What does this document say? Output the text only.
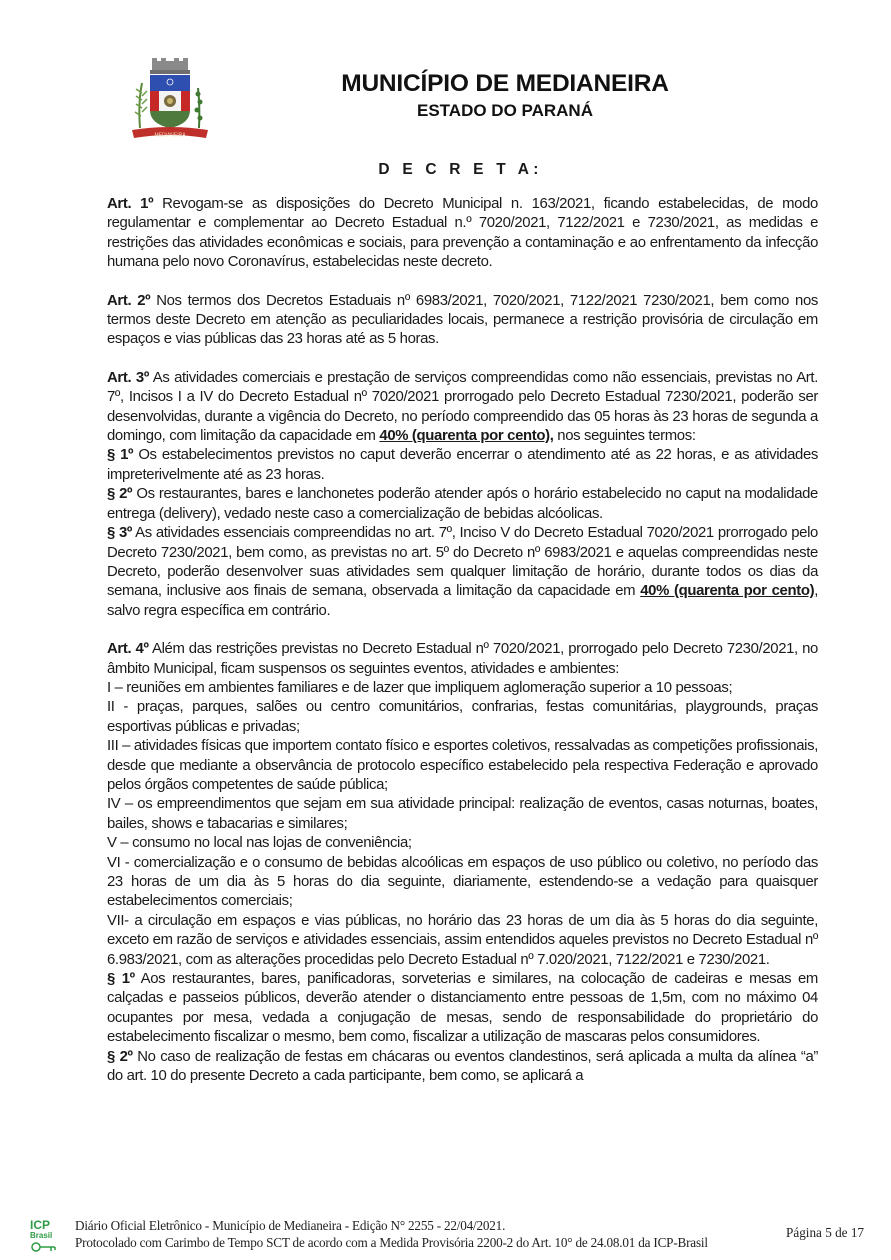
MEDIANEIRA
MUNICÍPIO DE MEDIANEIRA
ESTADO DO PARANÁ
D E C R E T A:

Art. 1º Revogam-se as disposições do Decreto Municipal n. 163/2021, ficando estabelecidas, de modo regulamentar e complementar ao Decreto Estadual n.º 7020/2021, 7122/2021 e 7230/2021, as medidas e restrições das atividades econômicas e sociais, para prevenção a contaminação e ao enfrentamento da infecção humana pelo novo Coronavírus, estabelecidas neste decreto.

Art. 2º Nos termos dos Decretos Estaduais nº 6983/2021, 7020/2021, 7122/2021 7230/2021, bem como nos termos deste Decreto em atenção as peculiaridades locais, permanece a restrição provisória de circulação em espaços e vias públicas das 23 horas até as 5 horas.

Art. 3º As atividades comerciais e prestação de serviços compreendidas como não essenciais, previstas no Art. 7º, Incisos I a IV do Decreto Estadual nº 7020/2021 prorrogado pelo Decreto Estadual 7230/2021, poderão ser desenvolvidas, durante a vigência do Decreto, no período compreendido das 05 horas às 23 horas de segunda a domingo, com limitação da capacidade em 40% (quarenta por cento), nos seguintes termos:

§ 1º Os estabelecimentos previstos no caput deverão encerrar o atendimento até as 22 horas, e as atividades impreterivelmente até as 23 horas.

§ 2º Os restaurantes, bares e lanchonetes poderão atender após o horário estabelecido no caput na modalidade entrega (delivery), vedado neste caso a comercialização de bebidas alcóolicas.

§ 3º As atividades essenciais compreendidas no art. 7º, Inciso V do Decreto Estadual 7020/2021 prorrogado pelo Decreto 7230/2021, bem como, as previstas no art. 5º do Decreto nº 6983/2021 e aquelas compreendidas neste Decreto, poderão desenvolver suas atividades sem qualquer limitação de horário, durante todos os dias da semana, inclusive aos finais de semana, observada a limitação da capacidade em 40% (quarenta por cento), salvo regra específica em contrário.

Art. 4º Além das restrições previstas no Decreto Estadual nº 7020/2021, prorrogado pelo Decreto 7230/2021, no âmbito Municipal, ficam suspensos os seguintes eventos, atividades e ambientes:

I – reuniões em ambientes familiares e de lazer que impliquem aglomeração superior a 10 pessoas;

II - praças, parques, salões ou centro comunitários, confrarias, festas comunitárias, playgrounds, praças esportivas públicas e privadas;

III – atividades físicas que importem contato físico e esportes coletivos, ressalvadas as competições profissionais, desde que mediante a observância de protocolo específico estabelecido pela respectiva Federação e aprovado pelos órgãos competentes de saúde pública;

IV – os empreendimentos que sejam em sua atividade principal: realização de eventos, casas noturnas, boates, bailes, shows e tabacarias e similares;

V – consumo no local nas lojas de conveniência;

VI - comercialização e o consumo de bebidas alcoólicas em espaços de uso público ou coletivo, no período das 23 horas de um dia às 5 horas do dia seguinte, diariamente, estendendo-se a vedação para quaisquer estabelecimentos comerciais;

VII- a circulação em espaços e vias públicas, no horário das 23 horas de um dia às 5 horas do dia seguinte, exceto em razão de serviços e atividades essenciais, assim entendidos aqueles previstos no Decreto Estadual nº 6.983/2021, com as alterações procedidas pelo Decreto Estadual nº 7.020/2021, 7122/2021 e 7230/2021.

§ 1º Aos restaurantes, bares, panificadoras, sorveterias e similares, na colocação de cadeiras e mesas em calçadas e passeios públicos, deverão atender o distanciamento entre pessoas de 1,5m, com no máximo 04 ocupantes por mesa, vedada a conjugação de mesas, sendo de responsabilidade do proprietário do estabelecimento fiscalizar o mesmo, bem como, fiscalizar a utilização de mascaras pelos consumidores.

§ 2º No caso de realização de festas em chácaras ou eventos clandestinos, será aplicada a multa da alínea “a” do art. 10 do presente Decreto a cada participante, bem como, se aplicará a

ICP
Brasil
Diário Oficial Eletrônico - Município de Medianeira - Edição N° 2255 - 22/04/2021.
Protocolado com Carimbo de Tempo SCT de acordo com a Medida Provisória 2200-2 do Art. 10° de 24.08.01 da ICP-Brasil
Página 5 de 17
